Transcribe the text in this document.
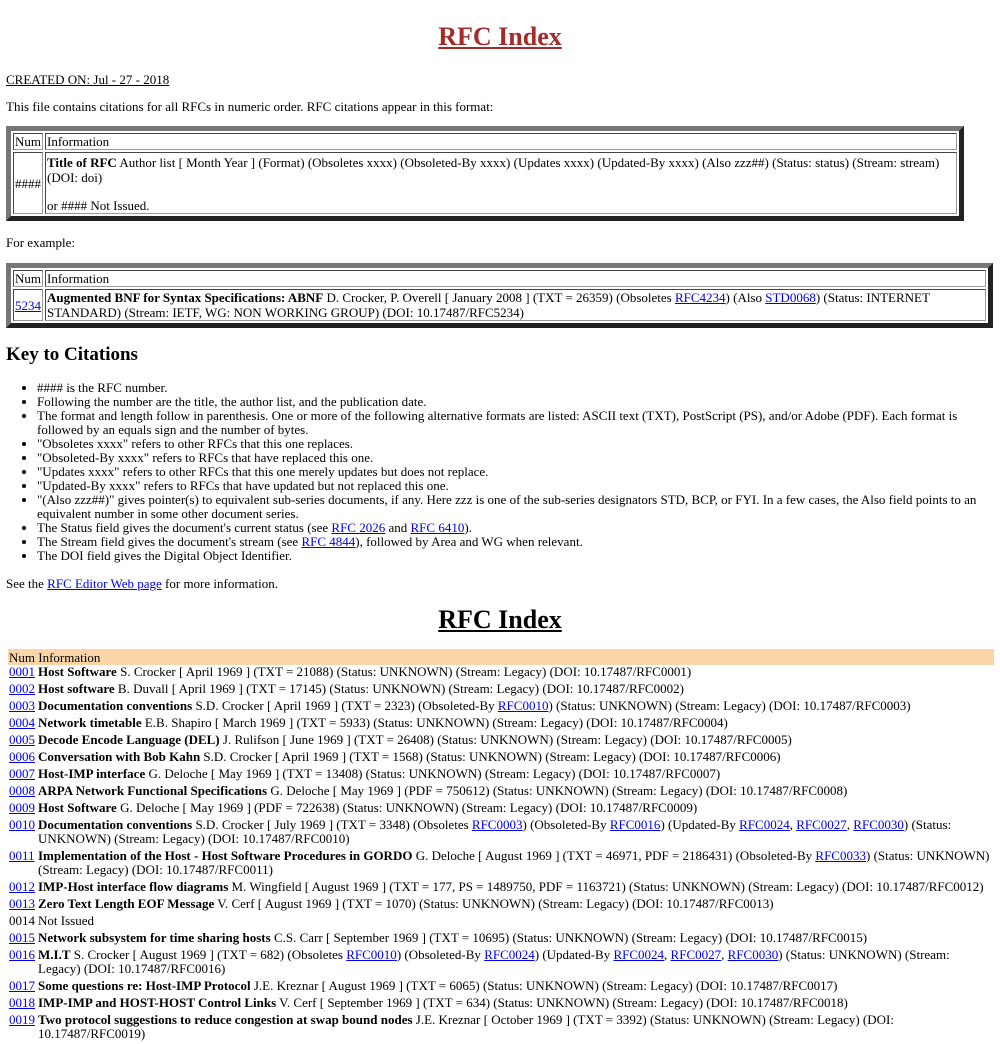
RFC Index

CREATED ON: Jul - 27 - 2018

This file contains citations for all RFCs in numeric order. RFC citations appear in this format:

Num	Information
####	Title of RFC Author list [ Month Year ] (Format) (Obsoletes xxxx) (Obsoleted-By xxxx) (Updates xxxx) (Updated-By xxxx) (Also zzz##) (Status: status) (Stream: stream) (DOI: doi)
or #### Not Issued.

For example:

Num	Information
5234	Augmented BNF for Syntax Specifications: ABNF D. Crocker, P. Overell [ January 2008 ] (TXT = 26359) (Obsoletes RFC4234) (Also STD0068) (Status: INTERNET STANDARD) (Stream: IETF, WG: NON WORKING GROUP) (DOI: 10.17487/RFC5234)
Key to Citations
• #### is the RFC number.
• Following the number are the title, the author list, and the publication date.
• The format and length follow in parenthesis. One or more of the following alternative formats are listed: ASCII text (TXT), PostScript (PS), and/or Adobe (PDF). Each format is followed by an equals sign and the number of bytes.
• "Obsoletes xxxx" refers to other RFCs that this one replaces.
• "Obsoleted-By xxxx" refers to RFCs that have replaced this one.
• "Updates xxxx" refers to other RFCs that this one merely updates but does not replace.
• "Updated-By xxxx" refers to RFCs that have updated but not replaced this one.
• "(Also zzz##)" gives pointer(s) to equivalent sub-series documents, if any. Here zzz is one of the sub-series designators STD, BCP, or FYI. In a few cases, the Also field points to an equivalent number in some other document series.
• The Status field gives the document's current status (see RFC 2026 and RFC 6410).
• The Stream field gives the document's stream (see RFC 4844), followed by Area and WG when relevant.
• The DOI field gives the Digital Object Identifier.

See the RFC Editor Web page for more information.

RFC Index
Num Information	
0001	Host Software S. Crocker [ April 1969 ] (TXT = 21088) (Status: UNKNOWN) (Stream: Legacy) (DOI: 10.17487/RFC0001)
0002	Host software B. Duvall [ April 1969 ] (TXT = 17145) (Status: UNKNOWN) (Stream: Legacy) (DOI: 10.17487/RFC0002)
0003	Documentation conventions S.D. Crocker [ April 1969 ] (TXT = 2323) (Obsoleted-By RFC0010) (Status: UNKNOWN) (Stream: Legacy) (DOI: 10.17487/RFC0003)
0004	Network timetable E.B. Shapiro [ March 1969 ] (TXT = 5933) (Status: UNKNOWN) (Stream: Legacy) (DOI: 10.17487/RFC0004)
0005	Decode Encode Language (DEL) J. Rulifson [ June 1969 ] (TXT = 26408) (Status: UNKNOWN) (Stream: Legacy) (DOI: 10.17487/RFC0005)
0006	Conversation with Bob Kahn S.D. Crocker [ April 1969 ] (TXT = 1568) (Status: UNKNOWN) (Stream: Legacy) (DOI: 10.17487/RFC0006)
0007	Host-IMP interface G. Deloche [ May 1969 ] (TXT = 13408) (Status: UNKNOWN) (Stream: Legacy) (DOI: 10.17487/RFC0007)
0008	ARPA Network Functional Specifications G. Deloche [ May 1969 ] (PDF = 750612) (Status: UNKNOWN) (Stream: Legacy) (DOI: 10.17487/RFC0008)
0009	Host Software G. Deloche [ May 1969 ] (PDF = 722638) (Status: UNKNOWN) (Stream: Legacy) (DOI: 10.17487/RFC0009)
0010	Documentation conventions S.D. Crocker [ July 1969 ] (TXT = 3348) (Obsoletes RFC0003) (Obsoleted-By RFC0016) (Updated-By RFC0024, RFC0027, RFC0030) (Status: UNKNOWN) (Stream: Legacy) (DOI: 10.17487/RFC0010)
0011	Implementation of the Host - Host Software Procedures in GORDO G. Deloche [ August 1969 ] (TXT = 46971, PDF = 2186431) (Obsoleted-By RFC0033) (Status: UNKNOWN) (Stream: Legacy) (DOI: 10.17487/RFC0011)
0012	IMP-Host interface flow diagrams M. Wingfield [ August 1969 ] (TXT = 177, PS = 1489750, PDF = 1163721) (Status: UNKNOWN) (Stream: Legacy) (DOI: 10.17487/RFC0012)
0013	Zero Text Length EOF Message V. Cerf [ August 1969 ] (TXT = 1070) (Status: UNKNOWN) (Stream: Legacy) (DOI: 10.17487/RFC0013)
0014	Not Issued
0015	Network subsystem for time sharing hosts C.S. Carr [ September 1969 ] (TXT = 10695) (Status: UNKNOWN) (Stream: Legacy) (DOI: 10.17487/RFC0015)
0016	M.I.T S. Crocker [ August 1969 ] (TXT = 682) (Obsoletes RFC0010) (Obsoleted-By RFC0024) (Updated-By RFC0024, RFC0027, RFC0030) (Status: UNKNOWN) (Stream: Legacy) (DOI: 10.17487/RFC0016)
0017	Some questions re: Host-IMP Protocol J.E. Kreznar [ August 1969 ] (TXT = 6065) (Status: UNKNOWN) (Stream: Legacy) (DOI: 10.17487/RFC0017)
0018	IMP-IMP and HOST-HOST Control Links V. Cerf [ September 1969 ] (TXT = 634) (Status: UNKNOWN) (Stream: Legacy) (DOI: 10.17487/RFC0018)
0019	Two protocol suggestions to reduce congestion at swap bound nodes J.E. Kreznar [ October 1969 ] (TXT = 3392) (Status: UNKNOWN) (Stream: Legacy) (DOI: 10.17487/RFC0019)
